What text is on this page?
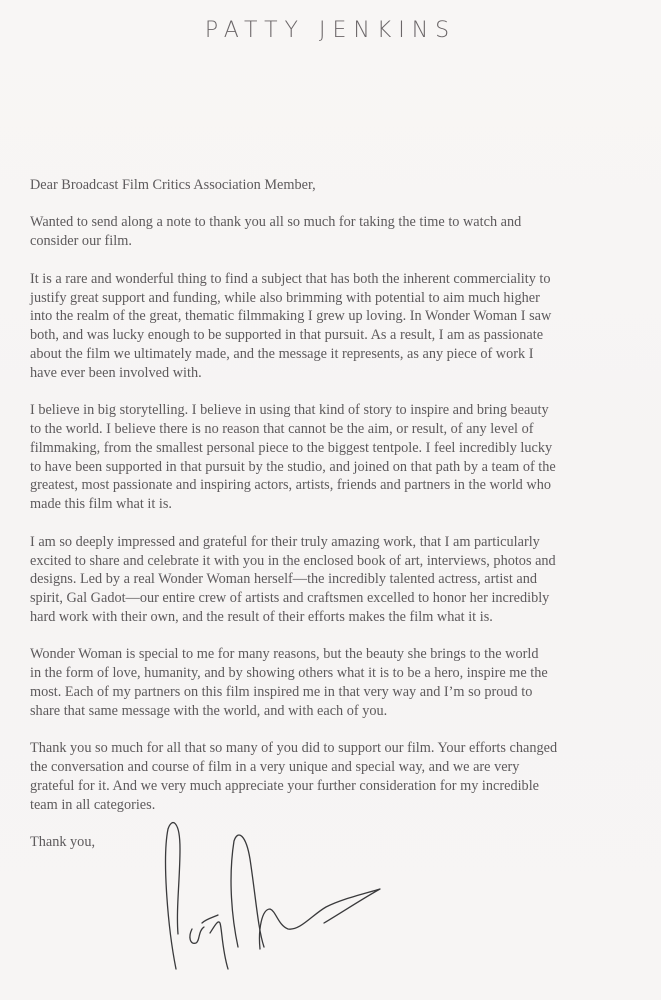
PATTY JENKINS
Dear Broadcast Film Critics Association Member,
Wanted to send along a note to thank you all so much for taking the time to watch and
consider our film.
It is a rare and wonderful thing to find a subject that has both the inherent commerciality to
justify great support and funding, while also brimming with potential to aim much higher
into the realm of the great, thematic filmmaking I grew up loving. In Wonder Woman I saw
both, and was lucky enough to be supported in that pursuit. As a result, I am as passionate
about the film we ultimately made, and the message it represents, as any piece of work I
have ever been involved with.
I believe in big storytelling. I believe in using that kind of story to inspire and bring beauty
to the world. I believe there is no reason that cannot be the aim, or result, of any level of
filmmaking, from the smallest personal piece to the biggest tentpole. I feel incredibly lucky
to have been supported in that pursuit by the studio, and joined on that path by a team of the
greatest, most passionate and inspiring actors, artists, friends and partners in the world who
made this film what it is.
I am so deeply impressed and grateful for their truly amazing work, that I am particularly
excited to share and celebrate it with you in the enclosed book of art, interviews, photos and
designs. Led by a real Wonder Woman herself—the incredibly talented actress, artist and
spirit, Gal Gadot—our entire crew of artists and craftsmen excelled to honor her incredibly
hard work with their own, and the result of their efforts makes the film what it is.
Wonder Woman is special to me for many reasons, but the beauty she brings to the world
in the form of love, humanity, and by showing others what it is to be a hero, inspire me the
most. Each of my partners on this film inspired me in that very way and I’m so proud to
share that same message with the world, and with each of you.
Thank you so much for all that so many of you did to support our film. Your efforts changed
the conversation and course of film in a very unique and special way, and we are very
grateful for it. And we very much appreciate your further consideration for my incredible
team in all categories.
Thank you,
